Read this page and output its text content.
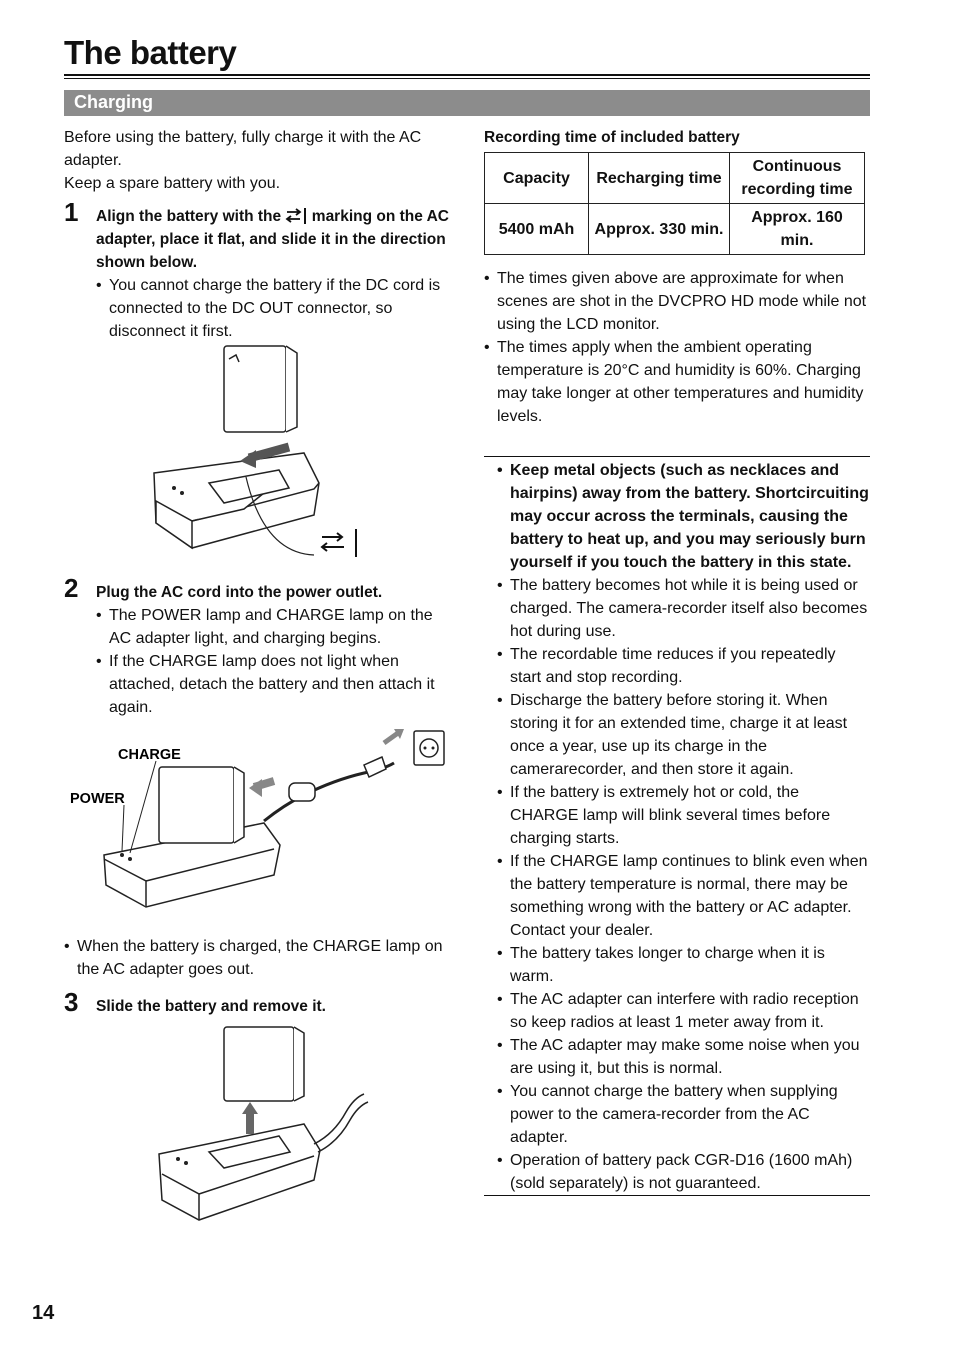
The battery
Charging

Before using the battery, fully charge it with the AC adapter.

Keep a spare battery with you.

1 Align the battery with the marking on the AC adapter, place it flat, and slide it in the direction shown below.
• You cannot charge the battery if the DC cord is connected to the DC OUT connector, so disconnect it first.
2 Plug the AC cord into the power outlet.
• The POWER lamp and CHARGE lamp on the AC adapter light, and charging begins.
• If the CHARGE lamp does not light when attached, detach the battery and then attach it again.
CHARGE
POWER
• When the battery is charged, the CHARGE lamp on the AC adapter goes out.
3 Slide the battery and remove it.
Recording time of included battery
Capacity	Recharging time	Continuous recording time
5400 mAh	Approx. 330 min.	Approx. 160 min.
• The times given above are approximate for when scenes are shot in the DVCPRO HD mode while not using the LCD monitor.
• The times apply when the ambient operating temperature is 20°C and humidity is 60%. Charging may take longer at other temperatures and humidity levels.
• Keep metal objects (such as necklaces and hairpins) away from the battery. Shortcircuiting may occur across the terminals, causing the battery to heat up, and you may seriously burn yourself if you touch the battery in this state.
• The battery becomes hot while it is being used or charged. The camera-recorder itself also becomes hot during use.
• The recordable time reduces if you repeatedly start and stop recording.
• Discharge the battery before storing it. When storing it for an extended time, charge it at least once a year, use up its charge in the camerarecorder, and then store it again.
• If the battery is extremely hot or cold, the CHARGE lamp will blink several times before charging starts.
• If the CHARGE lamp continues to blink even when the battery temperature is normal, there may be something wrong with the battery or AC adapter. Contact your dealer.
• The battery takes longer to charge when it is warm.
• The AC adapter can interfere with radio reception so keep radios at least 1 meter away from it.
• The AC adapter may make some noise when you are using it, but this is normal.
• You cannot charge the battery when supplying power to the camera-recorder from the AC adapter.
• Operation of battery pack CGR-D16 (1600 mAh) (sold separately) is not guaranteed.
14
